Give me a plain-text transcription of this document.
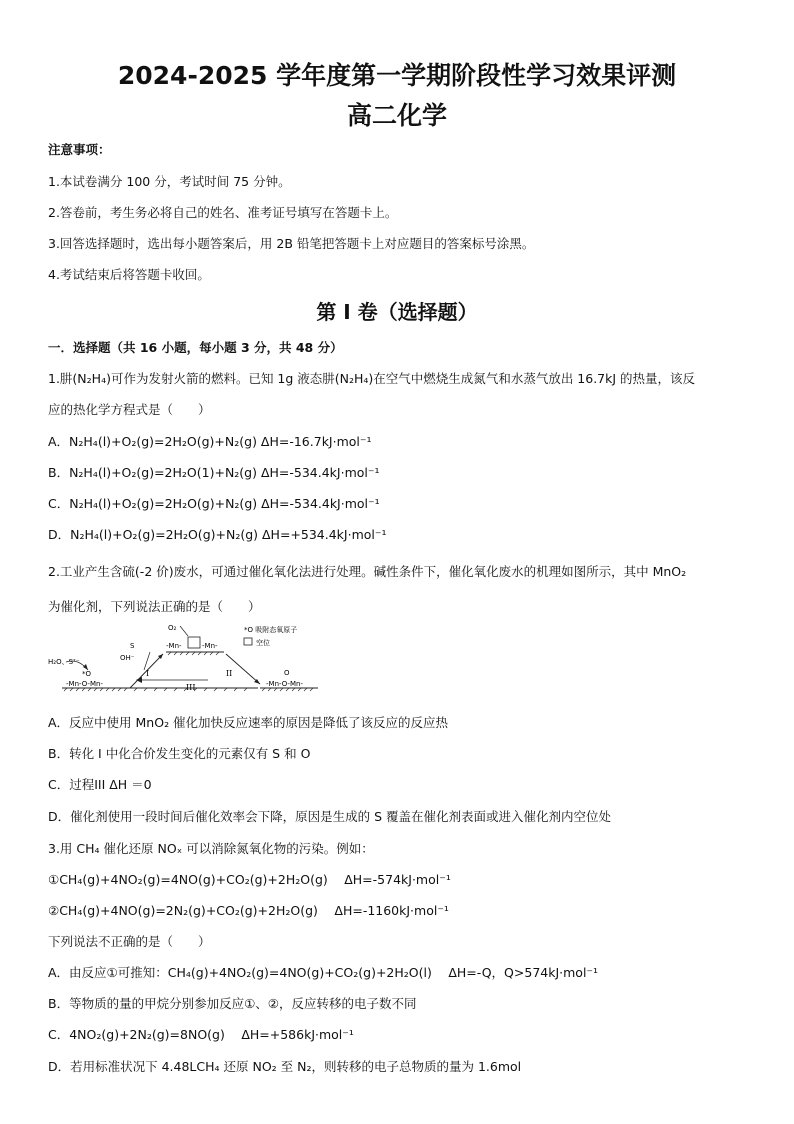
2024-2025 学年度第一学期阶段性学习效果评测
高二化学
注意事项：
1.本试卷满分 100 分，考试时间 75 分钟。
2.答卷前，考生务必将自己的姓名、准考证号填写在答题卡上。
3.回答选择题时，选出每小题答案后，用 2B 铅笔把答题卡上对应题目的答案标号涂黑。
4.考试结束后将答题卡收回。
第 I 卷（选择题）
一．选择题（共 16 小题，每小题 3 分，共 48 分）
1.肼(N₂H₄)可作为发射火箭的燃料。已知 1g 液态肼(N₂H₄)在空气中燃烧生成氮气和水蒸气放出 16.7kJ 的热量，该反
应的热化学方程式是（　　）
A．N₂H₄(l)+O₂(g)=2H₂O(g)+N₂(g) ΔH=-16.7kJ·mol⁻¹
B．N₂H₄(l)+O₂(g)=2H₂O(1)+N₂(g) ΔH=-534.4kJ·mol⁻¹
C．N₂H₄(l)+O₂(g)=2H₂O(g)+N₂(g) ΔH=-534.4kJ·mol⁻¹
D．N₂H₄(l)+O₂(g)=2H₂O(g)+N₂(g) ΔH=+534.4kJ·mol⁻¹
2.工业产生含硫(-2 价)废水，可通过催化氧化法进行处理。碱性条件下，催化氧化废水的机理如图所示，其中 MnO₂
为催化剂，下列说法正确的是（　　）
O₂
-Mn-	-Mn-
*O 吸附态氧原子
空位
S
OH⁻
H₂O、S²⁻
*O
-Mn-O-Mn-	-Mn-O-Mn-
O
I	II
III
A．反应中使用 MnO₂ 催化加快反应速率的原因是降低了该反应的反应热
B．转化 I 中化合价发生变化的元素仅有 S 和 O
C．过程III ΔH ＝0
D．催化剂使用一段时间后催化效率会下降，原因是生成的 S 覆盖在催化剂表面或进入催化剂内空位处
3.用 CH₄ 催化还原 NOₓ 可以消除氮氧化物的污染。例如：
①CH₄(g)+4NO₂(g)=4NO(g)+CO₂(g)+2H₂O(g)　 ΔH=-574kJ·mol⁻¹
②CH₄(g)+4NO(g)=2N₂(g)+CO₂(g)+2H₂O(g)　 ΔH=-1160kJ·mol⁻¹
下列说法不正确的是（　　）
A．由反应①可推知：CH₄(g)+4NO₂(g)=4NO(g)+CO₂(g)+2H₂O(l)　 ΔH=-Q，Q>574kJ·mol⁻¹
B．等物质的量的甲烷分别参加反应①、②，反应转移的电子数不同
C．4NO₂(g)+2N₂(g)=8NO(g)　 ΔH=+586kJ·mol⁻¹
D．若用标准状况下 4.48LCH₄ 还原 NO₂ 至 N₂，则转移的电子总物质的量为 1.6mol
